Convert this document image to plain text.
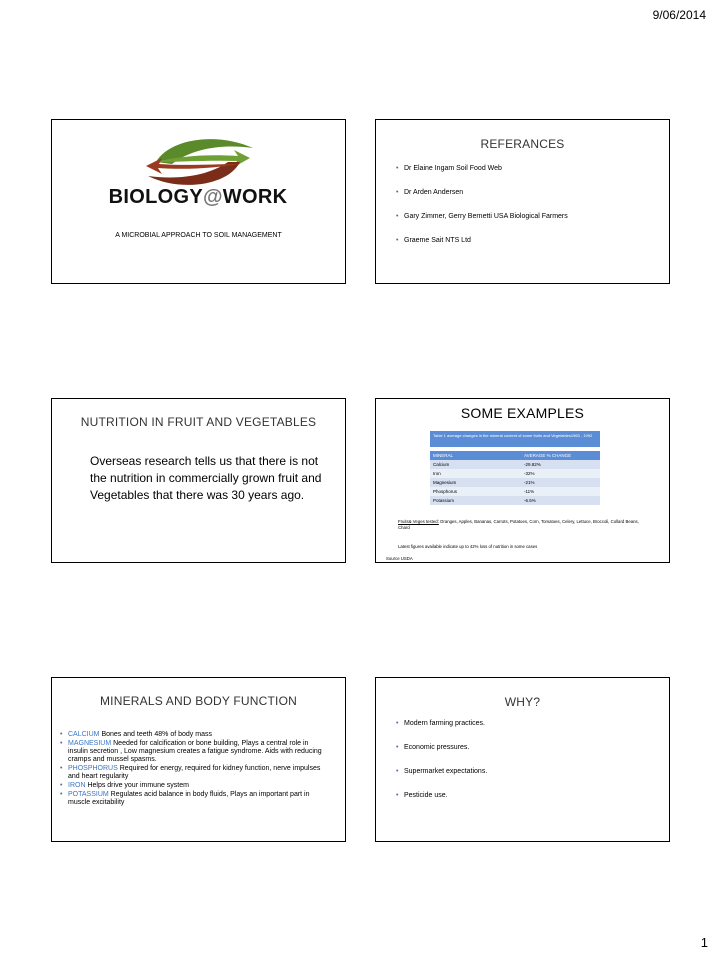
9/06/2014
BIOLOGY@WORK
A MICROBIAL APPROACH TO SOIL MANAGEMENT
REFERANCES
• Dr Elaine Ingam Soil Food Web
• Dr Arden Andersen
• Gary Zimmer, Gerry Bernetti USA Biological Farmers
• Graeme Sait NTS Ltd
NUTRITION IN FRUIT AND VEGETABLES
Overseas research tells us that there is not the nutrition in commercially grown fruit and Vegetables that there was 30 years ago.
SOME EXAMPLES
Table 1 average changes in the mineral content of some fruits and Vegetables1963 - 1992
MINERAL	AVERAGE % CHANGE
Calcium	-29.82%
Iron	-32%
Magnesium	-21%
Phosphorus	-11%
Potassium	-6.5%
Fruits& Veges tested: Oranges, Apples, Bananas, Carrots, Potatoes, Corn, Tomatoes, Celery, Lettuce, Broccoli, Collard Beans, Chard
Latest figures available indicate up to 42% loss of nutrition in some cases
Source USDA
MINERALS AND BODY FUNCTION
• CALCIUM Bones and teeth 48% of body mass
• MAGNESIUM Needed for calcification or bone building, Plays a central role in insulin secretion , Low magnesium creates a fatigue syndrome. Aids with reducing cramps and mussel spasms.
• PHOSPHORUS Required for energy, required for kidney function, nerve impulses and heart regularity
• IRON Helps drive your immune system
• POTASSIUM Regulates acid balance in body fluids, Plays an important part in muscle excitability
WHY?
• Modern farming practices.
• Economic pressures.
• Supermarket expectations.
• Pesticide use.
1
